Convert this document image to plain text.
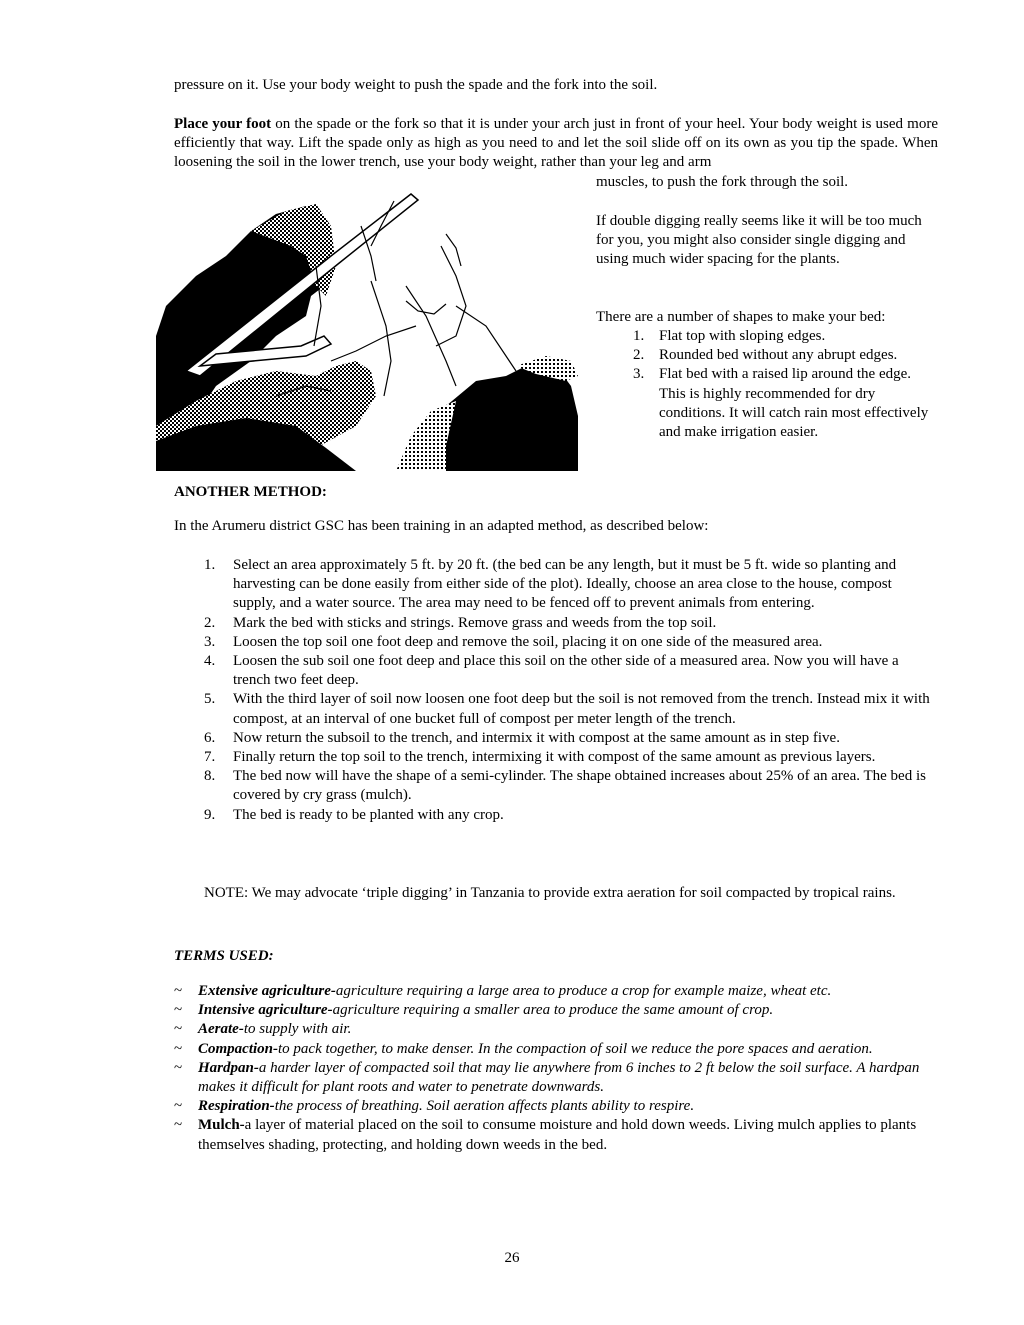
pressure on it. Use your body weight to push the spade and the fork into the soil.

Place your foot on the spade or the fork so that it is under your arch just in front of your heel. Your body weight is used more efficiently that way. Lift the spade only as high as you need to and let the soil slide off on its own as you tip the spade. When loosening the soil in the lower trench, use your body weight, rather than your leg and arm

muscles, to push the fork through the soil.

If double digging really seems like it will be too much for you, you might also consider single digging and using much wider spacing for the plants.

There are a number of shapes to make your bed:

1. Flat top with sloping edges.
2. Rounded bed without any abrupt edges.
3. Flat bed with a raised lip around the edge. This is highly recommended for dry conditions. It will catch rain most effectively and make irrigation easier.

ANOTHER METHOD:

In the Arumeru district GSC has been training in an adapted method, as described below:

1. Select an area approximately 5 ft. by 20 ft. (the bed can be any length, but it must be 5 ft. wide so planting and harvesting can be done easily from either side of the plot). Ideally, choose an area close to the house, compost supply, and a water source. The area may need to be fenced off to prevent animals from entering.
2. Mark the bed with sticks and strings. Remove grass and weeds from the top soil.
3. Loosen the top soil one foot deep and remove the soil, placing it on one side of the measured area.
4. Loosen the sub soil one foot deep and place this soil on the other side of a measured area. Now you will have a trench two feet deep.
5. With the third layer of soil now loosen one foot deep but the soil is not removed from the trench. Instead mix it with compost, at an interval of one bucket full of compost per meter length of the trench.
6. Now return the subsoil to the trench, and intermix it with compost at the same amount as in step five.
7. Finally return the top soil to the trench, intermixing it with compost of the same amount as previous layers.
8. The bed now will have the shape of a semi-cylinder. The shape obtained increases about 25% of an area. The bed is covered by cry grass (mulch).
9. The bed is ready to be planted with any crop.

NOTE: We may advocate ‘triple digging’ in Tanzania to provide extra aeration for soil compacted by tropical rains.

TERMS USED:

~ Extensive agriculture-agriculture requiring a large area to produce a crop for example maize, wheat etc.
~ Intensive agriculture-agriculture requiring a smaller area to produce the same amount of crop.
~ Aerate-to supply with air.
~ Compaction-to pack together, to make denser. In the compaction of soil we reduce the pore spaces and aeration.
~ Hardpan-a harder layer of compacted soil that may lie anywhere from 6 inches to 2 ft below the soil surface. A hardpan makes it difficult for plant roots and water to penetrate downwards.
~ Respiration-the process of breathing. Soil aeration affects plants ability to respire.
~ Mulch-a layer of material placed on the soil to consume moisture and hold down weeds. Living mulch applies to plants themselves shading, protecting, and holding down weeds in the bed.

26
